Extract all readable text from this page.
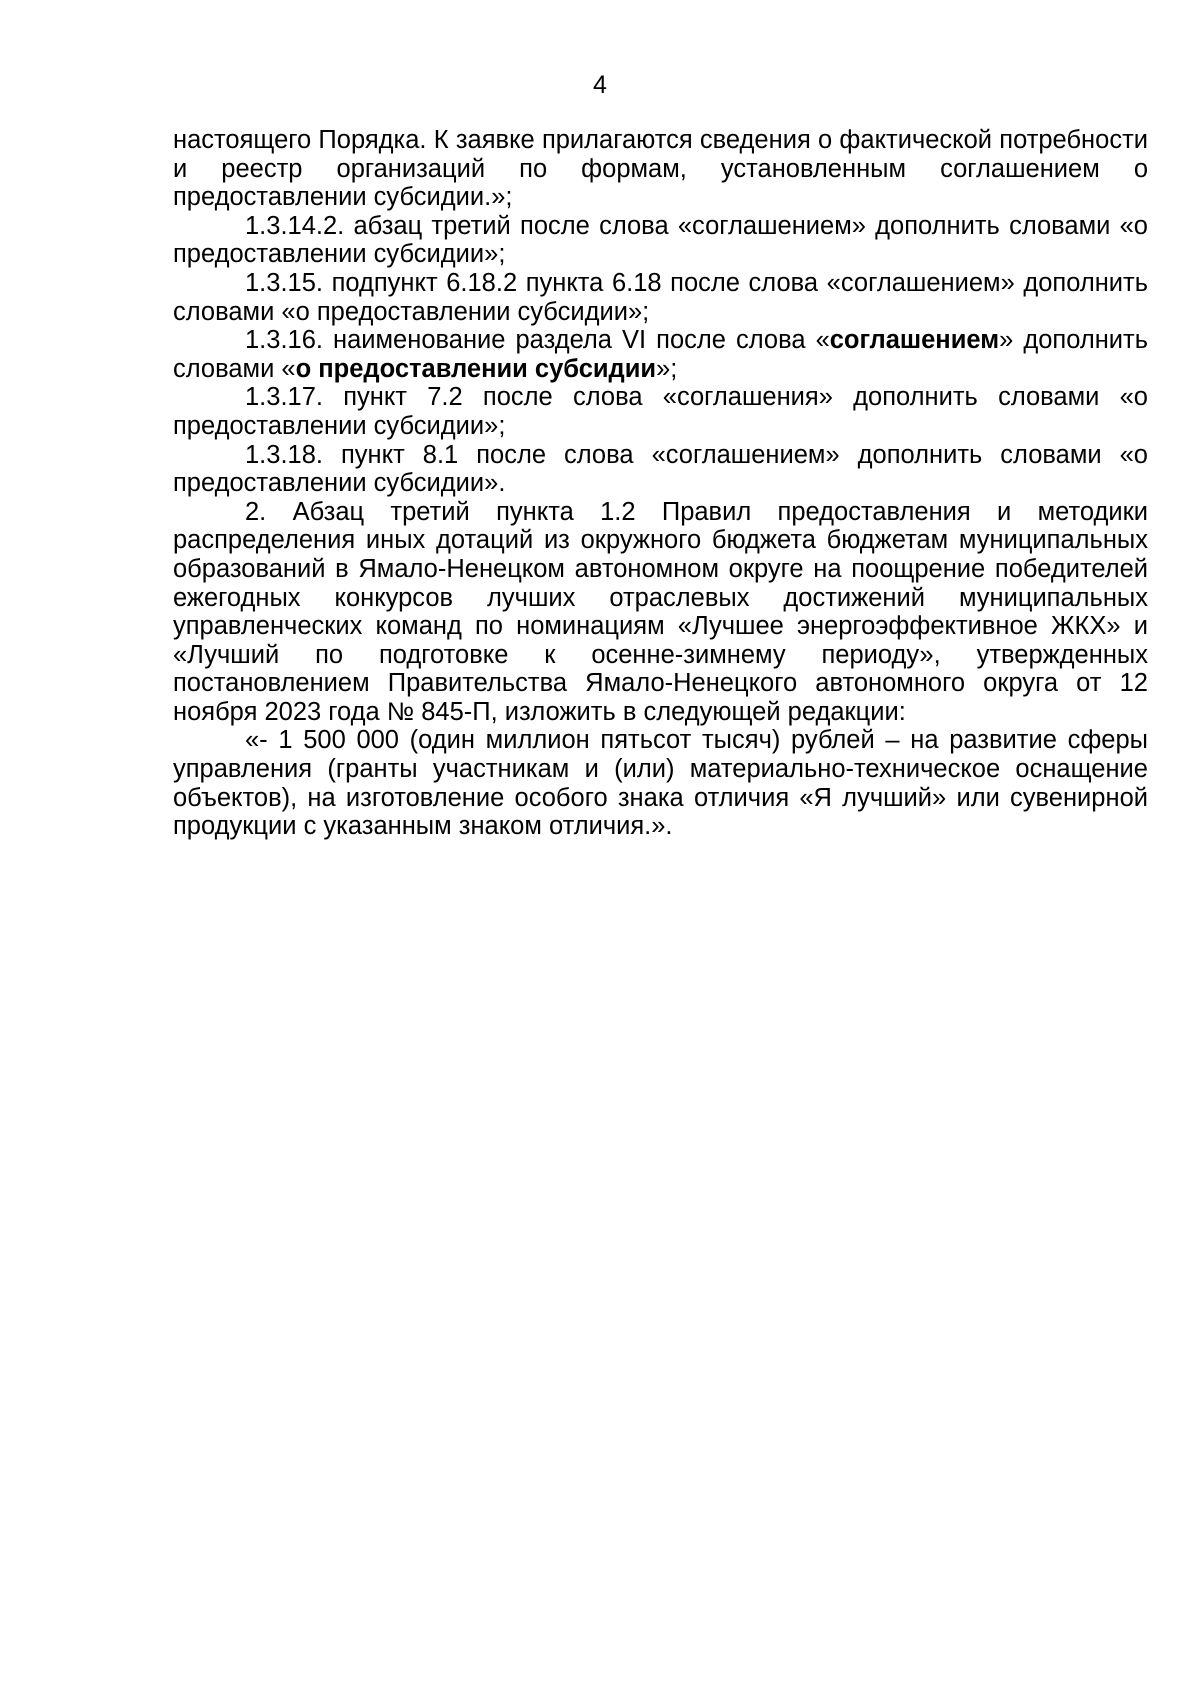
4

настоящего Порядка. К заявке прилагаются сведения о фактической потребности и реестр организаций по формам, установленным соглашением о предоставлении субсидии.»;

1.3.14.2. абзац третий после слова «соглашением» дополнить словами «о предоставлении субсидии»;

1.3.15. подпункт 6.18.2 пункта 6.18 после слова «соглашением» дополнить словами «о предоставлении субсидии»;

1.3.16. наименование раздела VI после слова «соглашением» дополнить словами «о предоставлении субсидии»;

1.3.17. пункт 7.2 после слова «соглашения» дополнить словами «о предоставлении субсидии»;

1.3.18. пункт 8.1 после слова «соглашением» дополнить словами «о предоставлении субсидии».

2. Абзац третий пункта 1.2 Правил предоставления и методики распределения иных дотаций из окружного бюджета бюджетам муниципальных образований в Ямало-Ненецком автономном округе на поощрение победителей ежегодных конкурсов лучших отраслевых достижений муниципальных управленческих команд по номинациям «Лучшее энергоэффективное ЖКХ» и «Лучший по подготовке к осенне-зимнему периоду», утвержденных постановлением Правительства Ямало-Ненецкого автономного округа от 12 ноября 2023 года № 845-П, изложить в следующей редакции:

«- 1 500 000 (один миллион пятьсот тысяч) рублей – на развитие сферы управления (гранты участникам и (или) материально-техническое оснащение объектов), на изготовление особого знака отличия «Я лучший» или сувенирной продукции с указанным знаком отличия.».
